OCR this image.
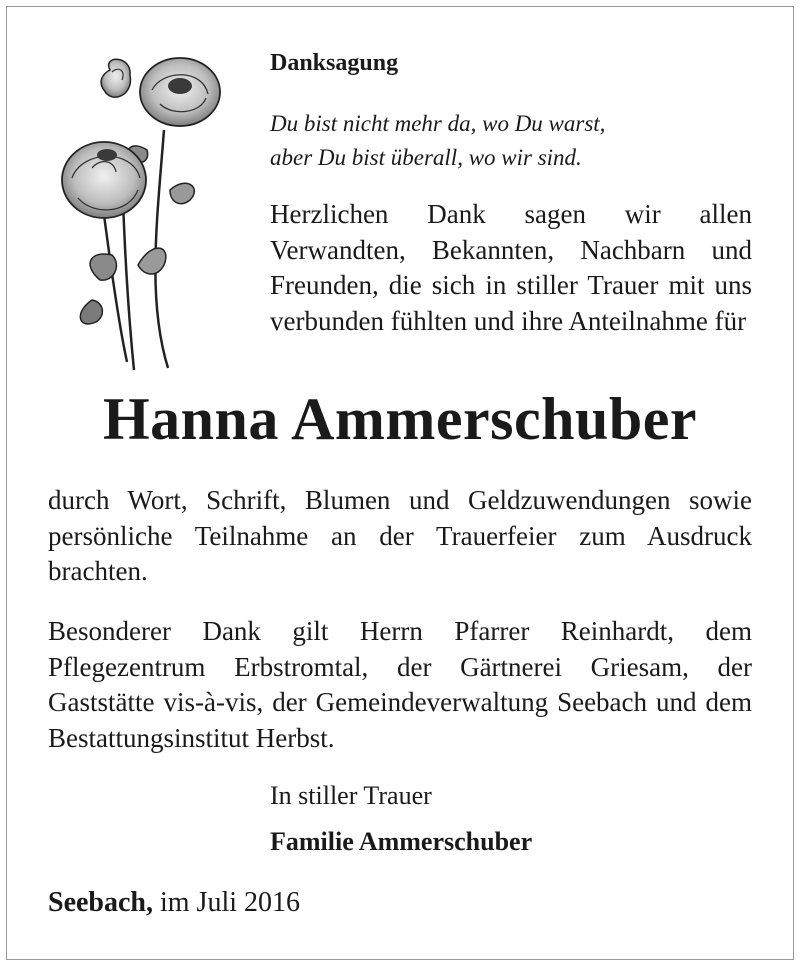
Danksagung
Du bist nicht mehr da, wo Du warst,
aber Du bist überall, wo wir sind.

Herzlichen Dank sagen wir allen Verwandten, Bekannten, Nachbarn und Freunden, die sich in stiller Trauer mit uns verbunden fühlten und ihre Anteilnahme für

Hanna Ammerschuber

durch Wort, Schrift, Blumen und Geldzuwendungen sowie persönliche Teilnahme an der Trauerfeier zum Ausdruck brachten.

Besonderer Dank gilt Herrn Pfarrer Reinhardt, dem Pflegezentrum Erbstromtal, der Gärtnerei Griesam, der Gaststätte vis-à-vis, der Gemeindeverwaltung Seebach und dem Bestattungsinstitut Herbst.

In stiller Trauer

Familie Ammerschuber

Seebach, im Juli 2016
